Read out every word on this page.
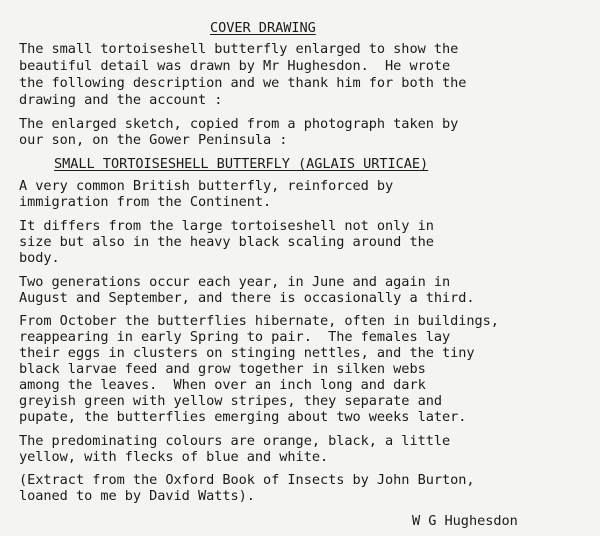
COVER DRAWING
The small tortoiseshell butterfly enlarged to show the
beautiful detail was drawn by Mr Hughesdon.  He wrote
the following description and we thank him for both the
drawing and the account :
The enlarged sketch, copied from a photograph taken by
our son, on the Gower Peninsula :
SMALL TORTOISESHELL BUTTERFLY (AGLAIS URTICAE)
A very common British butterfly, reinforced by
immigration from the Continent.
It differs from the large tortoiseshell not only in
size but also in the heavy black scaling around the
body.
Two generations occur each year, in June and again in
August and September, and there is occasionally a third.
From October the butterflies hibernate, often in buildings,
reappearing in early Spring to pair.  The females lay
their eggs in clusters on stinging nettles, and the tiny
black larvae feed and grow together in silken webs
among the leaves.  When over an inch long and dark
greyish green with yellow stripes, they separate and
pupate, the butterflies emerging about two weeks later.
The predominating colours are orange, black, a little
yellow, with flecks of blue and white.
(Extract from the Oxford Book of Insects by John Burton,
loaned to me by David Watts).
W G Hughesdon
